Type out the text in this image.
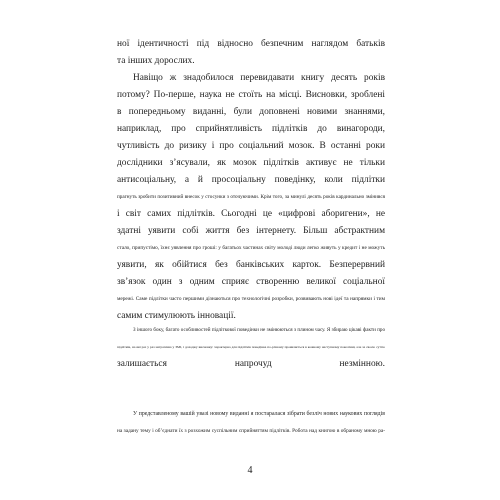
ної ідентичності під відносно безпечним наглядом батьків
та інших дорослих.
Навіщо ж знадобилося перевидавати книгу десять років
потому? По-перше, наука не стоїть на місці. Висновки, зроблені
в попередньому виданні, були доповнені новими знаннями,
наприклад, про сприйнятливість підлітків до винагороди,
чутливість до ризику і про соціальний мозок. В останні роки
дослідники з’ясували, як мозок підлітків активує не тільки
антисоціальну, а й просоціальну поведінку, коли підлітки
прагнуть зробити позитивний внесок у стосунки з оточуючими. Крім того, за минулі десять років кардинально змінився
і світ самих підлітків. Сьогодні це «цифрові аборигени», не
здатні уявити собі життя без інтернету. Більш абстрактним
стало, припустімо, їхнє уявлення про гроші: у багатьох частинах світу молоді люди легко живуть у кредит і не можуть
уявити, як обійтися без банківських карток. Безперервний
зв’язок один з одним сприяє створенню великої соціальної
мережі. Саме підлітки часто першими дізнаються про технологічні розробки, розвивають нові ідеї та напрямки і тим
самим стимулюють інновації.
З іншого боку, багато особливостей підліткової поведінки не змінюються з плином часу. Я збираю цікаві факти про
підлітків, на які раз у раз натрапляю у ЗМІ, і доходжу висновку: характерна для підлітків поведінка по-різному проявляється в кожному наступному поколінні, але за своєю суттю
залишається напрочуд незмінною.
У представленому вашій увазі новому виданні я постаралася зібрати безліч нових наукових поглядів
на задану тему і об’єднати їх з розхожим суспільним сприйняттям підлітків. Робота над книгою в обраному мною ра-
4
